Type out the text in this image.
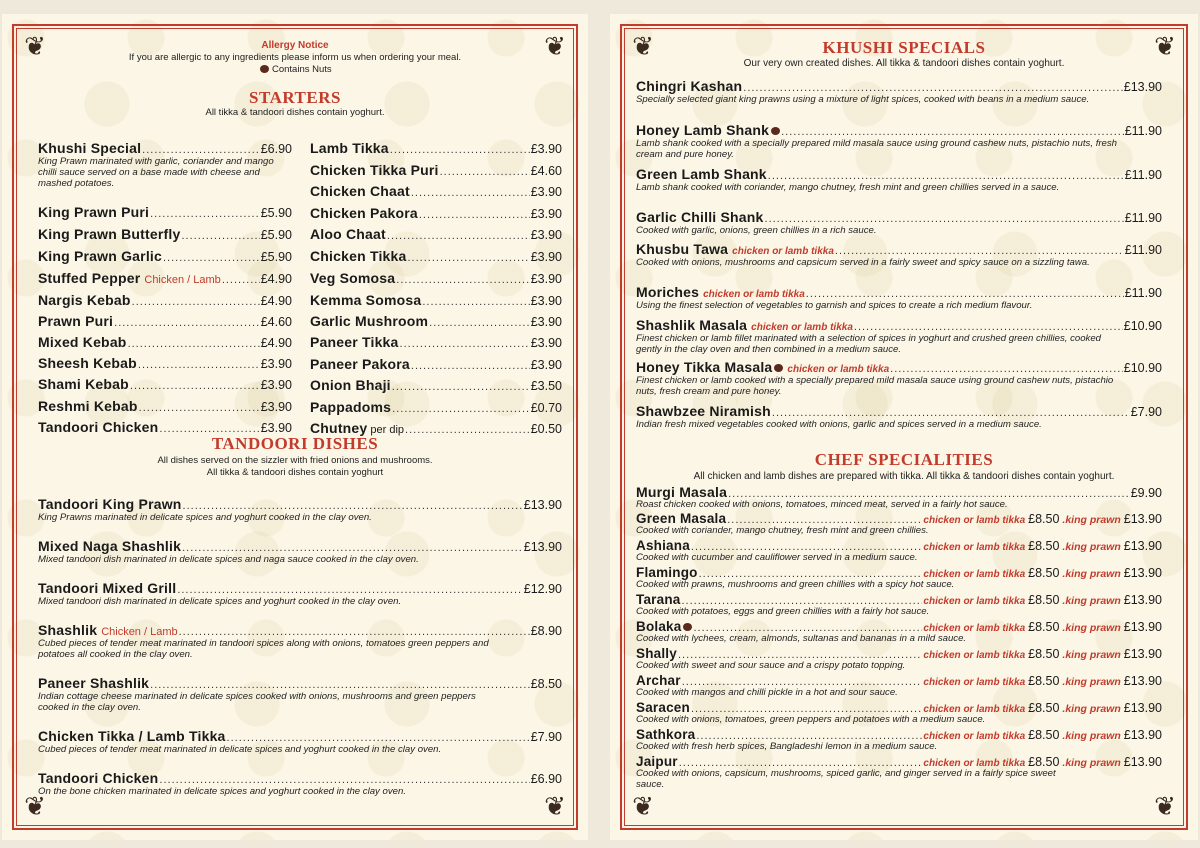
❦	❦
❦	❦
Allergy Notice
If you are allergic to any ingredients please inform us when ordering your meal.
Contains Nuts
STARTERS
All tikka & tandoori dishes contain yoghurt.
Khushi Special .....	£6.90
King Prawn marinated with garlic, coriander and mango chilli sauce served on a base made with cheese and mashed potatoes.
King Prawn Puri .....	£5.90
King Prawn Butterfly .....	£5.90
King Prawn Garlic .....	£5.90
Stuffed Pepper Chicken / Lamb .....	£4.90
Nargis Kebab .....	£4.90
Prawn Puri .....	£4.60
Mixed Kebab .....	£4.90
Sheesh Kebab .....	£3.90
Shami Kebab .....	£3.90
Reshmi Kebab .....	£3.90
Tandoori Chicken .....	£3.90
Lamb Tikka .....	£3.90
Chicken Tikka Puri .....	£4.60
Chicken Chaat .....	£3.90
Chicken Pakora .....	£3.90
Aloo Chaat .....	£3.90
Chicken Tikka .....	£3.90
Veg Somosa .....	£3.90
Kemma Somosa .....	£3.90
Garlic Mushroom .....	£3.90
Paneer Tikka .....	£3.90
Paneer Pakora .....	£3.90
Onion Bhaji .....	£3.50
Pappadoms .....	£0.70
Chutney per dip .....	£0.50
TANDOORI DISHES
All dishes served on the sizzler with fried onions and mushrooms.
All tikka & tandoori dishes contain yoghurt
Tandoori King Prawn .....	£13.90
King Prawns marinated in delicate spices and yoghurt cooked in the clay oven.
Mixed Naga Shashlik .....	£13.90
Mixed tandoori dish marinated in delicate spices and naga sauce cooked in the clay oven.
Tandoori Mixed Grill .....	£12.90
Mixed tandoori dish marinated in delicate spices and yoghurt cooked in the clay oven.
Shashlik Chicken / Lamb .....	£8.90
Cubed pieces of tender meat marinated in tandoori spices along with onions, tomatoes green peppers and potatoes all cooked in the clay oven.
Paneer Shashlik .....	£8.50
Indian cottage cheese marinated in delicate spices cooked with onions, mushrooms and green peppers cooked in the clay oven.
Chicken Tikka / Lamb Tikka .....	£7.90
Cubed pieces of tender meat marinated in delicate spices and yoghurt cooked in the clay oven.
Tandoori Chicken .....	£6.90
On the bone chicken marinated in delicate spices and yoghurt cooked in the clay oven.
❦	❦
❦	❦
KHUSHI SPECIALS
Our very own created dishes. All tikka & tandoori dishes contain yoghurt.
Chingri Kashan .....	£13.90
Specially selected giant king prawns using a mixture of light spices, cooked with beans in a medium sauce.
Honey Lamb Shank .....	£11.90
Lamb shank cooked with a specially prepared mild masala sauce using ground cashew nuts, pistachio nuts, fresh cream and pure honey.
Green Lamb Shank .....	£11.90
Lamb shank cooked with coriander, mango chutney, fresh mint and green chillies served in a sauce.
Garlic Chilli Shank .....	£11.90
Cooked with garlic, onions, green chillies in a rich sauce.
Khusbu Tawa chicken or lamb tikka .....	£11.90
Cooked with onions, mushrooms and capsicum served in a fairly sweet and spicy sauce on a sizzling tawa.
Moriches chicken or lamb tikka .....	£11.90
Using the finest selection of vegetables to garnish and spices to create a rich medium flavour.
Shashlik Masala chicken or lamb tikka .....	£10.90
Finest chicken or lamb fillet marinated with a selection of spices in yoghurt and crushed green chillies, cooked gently in the clay oven and then combined in a medium sauce.
Honey Tikka Masala chicken or lamb tikka .....	£10.90
Finest chicken or lamb cooked with a specially prepared mild masala sauce using ground cashew nuts, pistachio nuts, fresh cream and pure honey.
Shawbzee Niramish .....	£7.90
Indian fresh mixed vegetables cooked with onions, garlic and spices served in a medium sauce.
CHEF SPECIALITIES
All chicken and lamb dishes are prepared with tikka. All tikka & tandoori dishes contain yoghurt.
Murgi Masala .....	£9.90
Roast chicken cooked with onions, tomatoes, minced meat, served in a fairly hot sauce.
Green Masala .....	chicken or lamb tikka £8.50 .king prawn £13.90
Cooked with coriander, mango chutney, fresh mint and green chillies.
Ashiana .....	chicken or lamb tikka £8.50 .king prawn £13.90
Cooked with cucumber and cauliflower served in a medium sauce.
Flamingo .....	chicken or lamb tikka £8.50 .king prawn £13.90
Cooked with prawns, mushrooms and green chillies with a spicy hot sauce.
Tarana .....	chicken or lamb tikka £8.50 .king prawn £13.90
Cooked with potatoes, eggs and green chillies with a fairly hot sauce.
Bolaka .....	chicken or lamb tikka £8.50 .king prawn £13.90
Cooked with lychees, cream, almonds, sultanas and bananas in a mild sauce.
Shally .....	chicken or lamb tikka £8.50 .king prawn £13.90
Cooked with sweet and sour sauce and a crispy potato topping.
Archar .....	chicken or lamb tikka £8.50 .king prawn £13.90
Cooked with mangos and chilli pickle in a hot and sour sauce.
Saracen .....	chicken or lamb tikka £8.50 .king prawn £13.90
Cooked with onions, tomatoes, green peppers and potatoes with a medium sauce.
Sathkora .....	chicken or lamb tikka £8.50 .king prawn £13.90
Cooked with fresh herb spices, Bangladeshi lemon in a medium sauce.
Jaipur .....	chicken or lamb tikka £8.50 .king prawn £13.90
Cooked with onions, capsicum, mushrooms, spiced garlic, and ginger served in a fairly spice sweet sauce.
